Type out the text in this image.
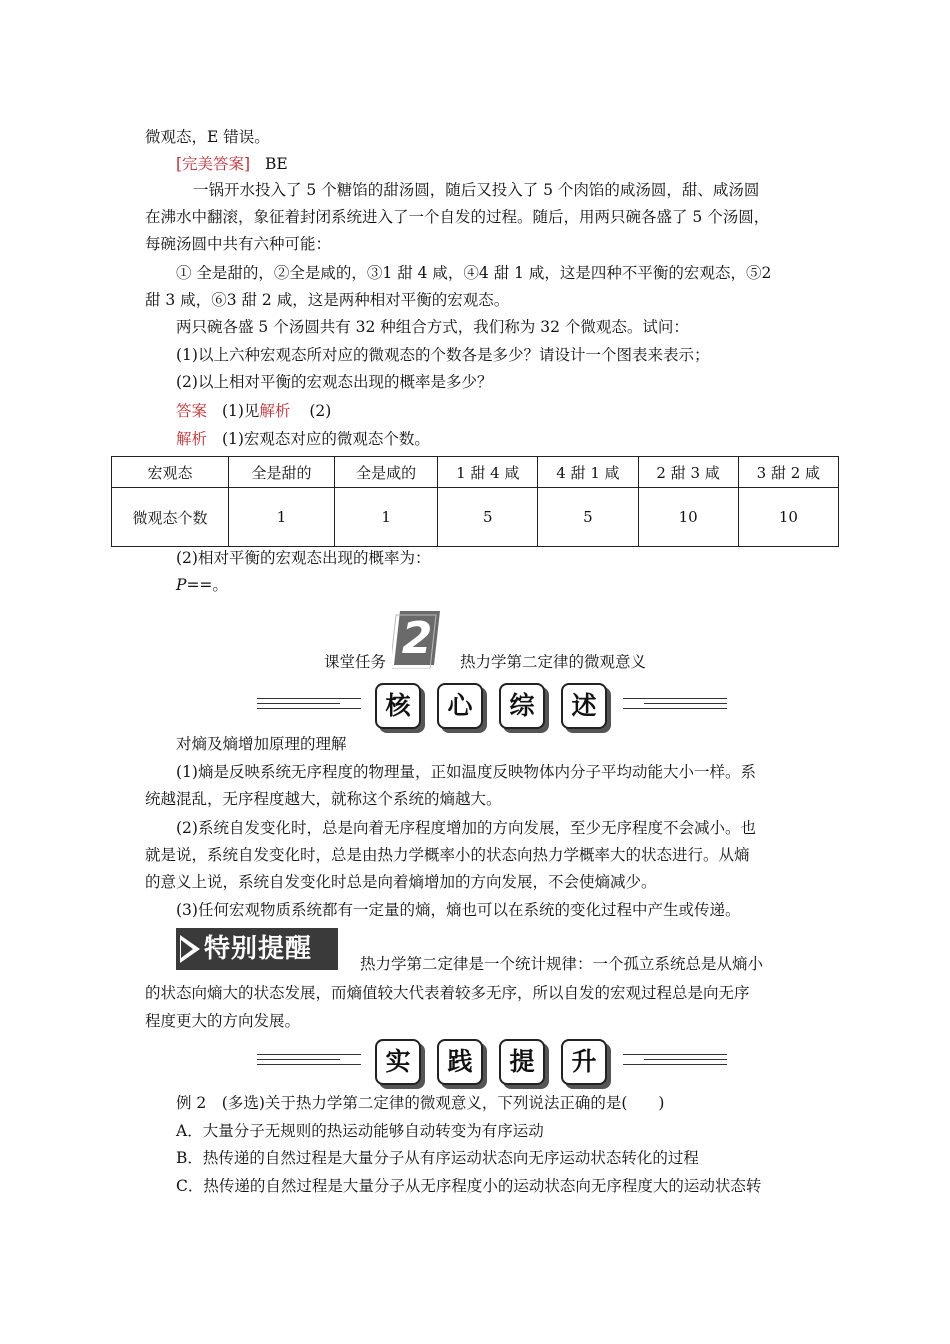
微观态，E 错误。
[完美答案] BE
一锅开水投入了 5 个糖馅的甜汤圆，随后又投入了 5 个肉馅的咸汤圆，甜、咸汤圆
在沸水中翻滚，象征着封闭系统进入了一个自发的过程。随后，用两只碗各盛了 5 个汤圆，
每碗汤圆中共有六种可能：
① 全是甜的，②全是咸的，③1 甜 4 咸，④4 甜 1 咸，这是四种不平衡的宏观态，⑤2
甜 3 咸，⑥3 甜 2 咸，这是两种相对平衡的宏观态。
两只碗各盛 5 个汤圆共有 32 种组合方式，我们称为 32 个微观态。试问：
(1)以上六种宏观态所对应的微观态的个数各是多少？请设计一个图表来表示；
(2)以上相对平衡的宏观态出现的概率是多少？
答案 (1)见解析 (2)
解析 (1)宏观态对应的微观态个数。
宏观态	全是甜的	全是咸的	1 甜 4 咸	4 甜 1 咸	2 甜 3 咸	3 甜 2 咸
微观态个数	1	1	5	5	10	10
(2)相对平衡的宏观态出现的概率为：
P==。
2
课堂任务	热力学第二定律的微观意义
核	心	综	述
对熵及熵增加原理的理解
(1)熵是反映系统无序程度的物理量，正如温度反映物体内分子平均动能大小一样。系
统越混乱，无序程度越大，就称这个系统的熵越大。
(2)系统自发变化时，总是向着无序程度增加的方向发展，至少无序程度不会减小。也
就是说，系统自发变化时，总是由热力学概率小的状态向热力学概率大的状态进行。从熵
的意义上说，系统自发变化时总是向着熵增加的方向发展，不会使熵减少。
(3)任何宏观物质系统都有一定量的熵，熵也可以在系统的变化过程中产生或传递。
特别提醒	热力学第二定律是一个统计规律：一个孤立系统总是从熵小
的状态向熵大的状态发展，而熵值较大代表着较多无序，所以自发的宏观过程总是向无序
程度更大的方向发展。
实	践	提	升
例 2　(多选)关于热力学第二定律的微观意义，下列说法正确的是(　　)
A．大量分子无规则的热运动能够自动转变为有序运动
B．热传递的自然过程是大量分子从有序运动状态向无序运动状态转化的过程
C．热传递的自然过程是大量分子从无序程度小的运动状态向无序程度大的运动状态转
